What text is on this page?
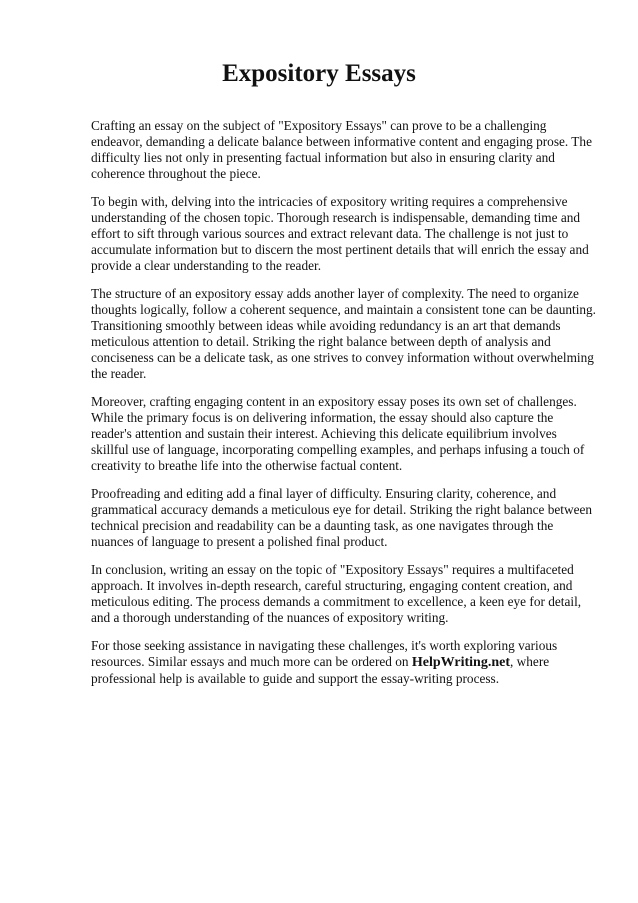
Expository Essays

Crafting an essay on the subject of "Expository Essays" can prove to be a challenging endeavor, demanding a delicate balance between informative content and engaging prose. The difficulty lies not only in presenting factual information but also in ensuring clarity and coherence throughout the piece.

To begin with, delving into the intricacies of expository writing requires a comprehensive understanding of the chosen topic. Thorough research is indispensable, demanding time and effort to sift through various sources and extract relevant data. The challenge is not just to accumulate information but to discern the most pertinent details that will enrich the essay and provide a clear understanding to the reader.

The structure of an expository essay adds another layer of complexity. The need to organize thoughts logically, follow a coherent sequence, and maintain a consistent tone can be daunting. Transitioning smoothly between ideas while avoiding redundancy is an art that demands meticulous attention to detail. Striking the right balance between depth of analysis and conciseness can be a delicate task, as one strives to convey information without overwhelming the reader.

Moreover, crafting engaging content in an expository essay poses its own set of challenges. While the primary focus is on delivering information, the essay should also capture the reader's attention and sustain their interest. Achieving this delicate equilibrium involves skillful use of language, incorporating compelling examples, and perhaps infusing a touch of creativity to breathe life into the otherwise factual content.

Proofreading and editing add a final layer of difficulty. Ensuring clarity, coherence, and grammatical accuracy demands a meticulous eye for detail. Striking the right balance between technical precision and readability can be a daunting task, as one navigates through the nuances of language to present a polished final product.

In conclusion, writing an essay on the topic of "Expository Essays" requires a multifaceted approach. It involves in-depth research, careful structuring, engaging content creation, and meticulous editing. The process demands a commitment to excellence, a keen eye for detail, and a thorough understanding of the nuances of expository writing.

For those seeking assistance in navigating these challenges, it's worth exploring various resources. Similar essays and much more can be ordered on HelpWriting.net, where professional help is available to guide and support the essay-writing process.
